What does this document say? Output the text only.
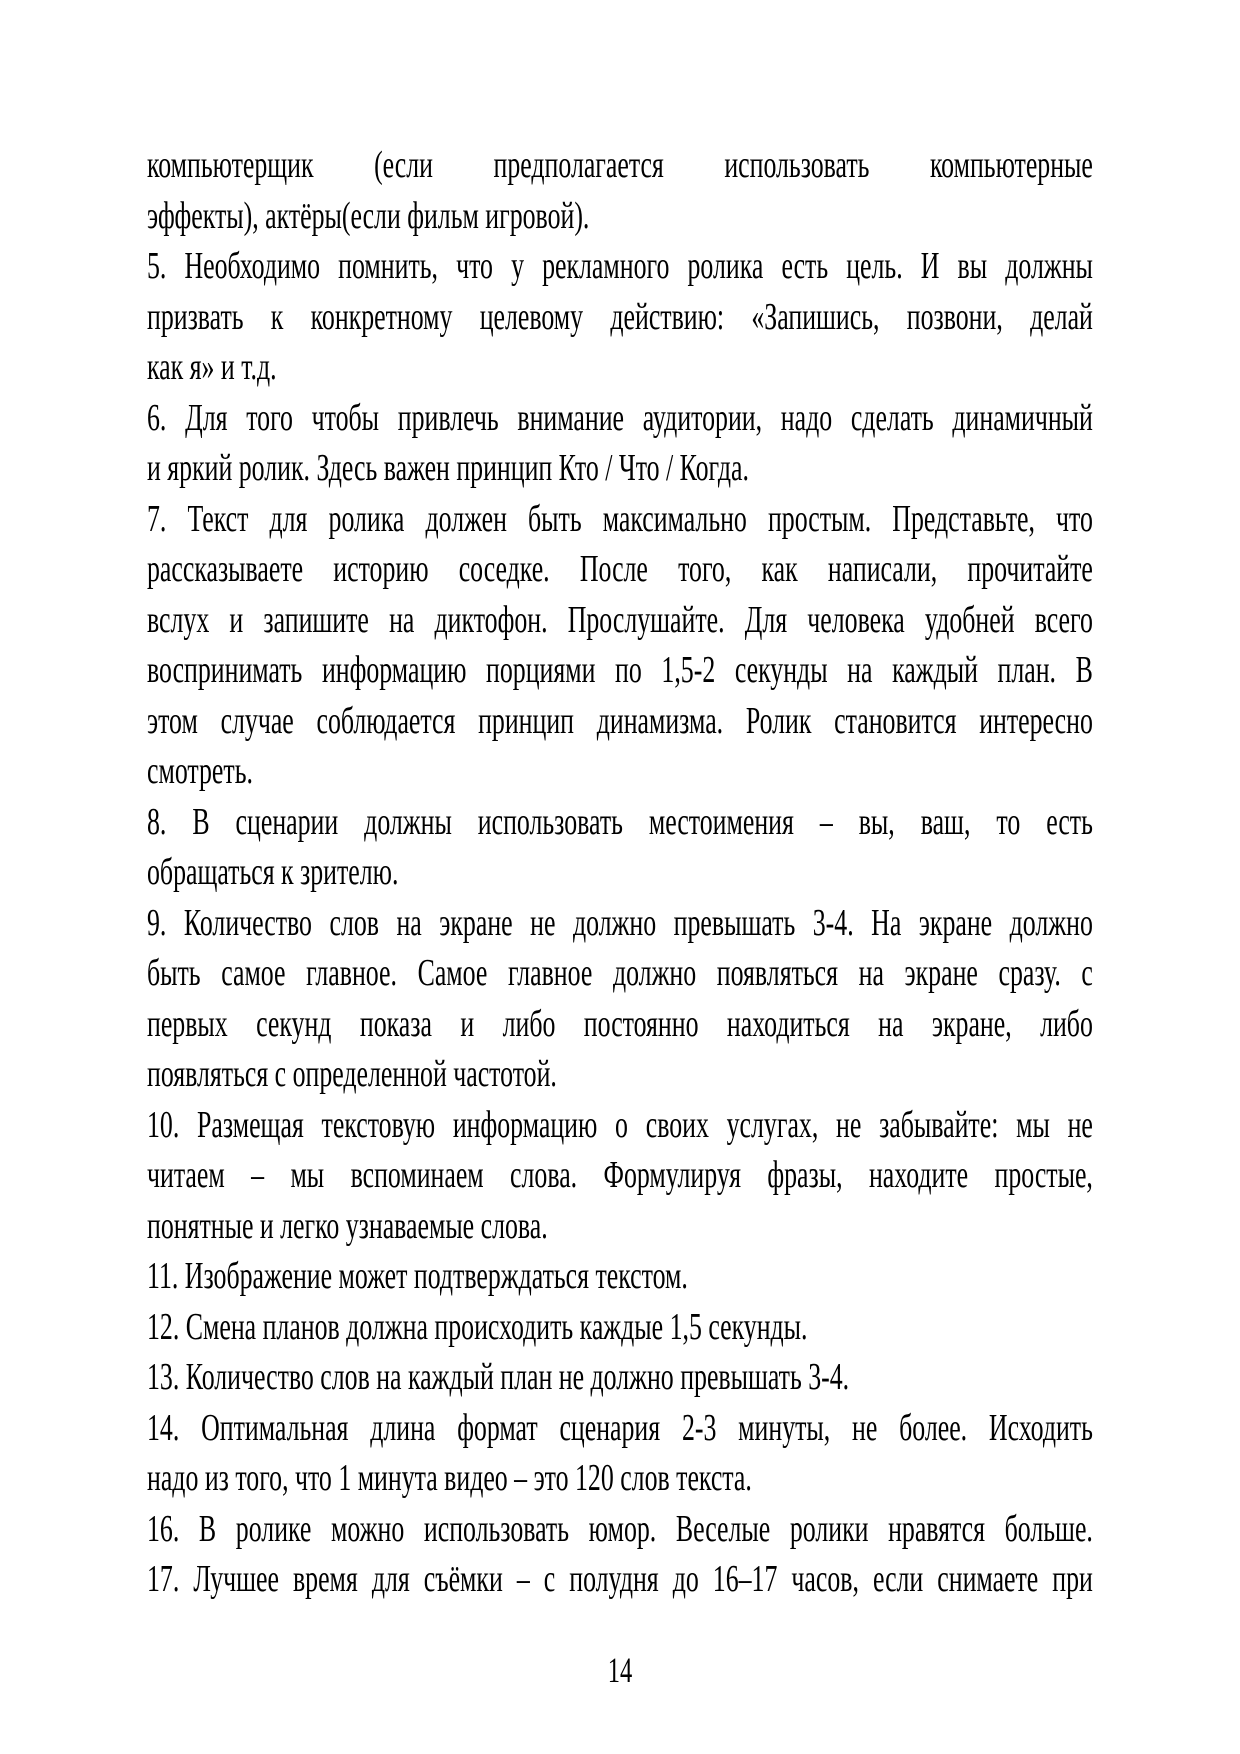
компьютерщик (если предполагается использовать компьютерные
эффекты), актёры(если фильм игровой).
5. Необходимо помнить, что у рекламного ролика есть цель. И вы должны
призвать к конкретному целевому действию: «Запишись, позвони, делай
как я» и т.д.
6. Для того чтобы привлечь внимание аудитории, надо сделать динамичный
и яркий ролик. Здесь важен принцип Кто / Что / Когда.
7. Текст для ролика должен быть максимально простым. Представьте, что
рассказываете историю соседке. После того, как написали, прочитайте
вслух и запишите на диктофон. Прослушайте. Для человека удобней всего
воспринимать информацию порциями по 1,5-2 секунды на каждый план. В
этом случае соблюдается принцип динамизма. Ролик становится интересно
смотреть.
8. В сценарии должны использовать местоимения – вы, ваш, то есть
обращаться к зрителю.
9. Количество слов на экране не должно превышать 3-4. На экране должно
быть самое главное. Самое главное должно появляться на экране сразу. с
первых секунд показа и либо постоянно находиться на экране, либо
появляться с определенной частотой.
10. Размещая текстовую информацию о своих услугах, не забывайте: мы не
читаем – мы вспоминаем слова. Формулируя фразы, находите простые,
понятные и легко узнаваемые слова.
11. Изображение может подтверждаться текстом.
12. Смена планов должна происходить каждые 1,5 секунды.
13. Количество слов на каждый план не должно превышать 3-4.
14. Оптимальная длина формат сценария 2-3 минуты, не более. Исходить
надо из того, что 1 минута видео – это 120 слов текста.
16. В ролике можно использовать юмор. Веселые ролики нравятся больше.
17. Лучшее время для съёмки – с полудня до 16–17 часов, если снимаете при
14
